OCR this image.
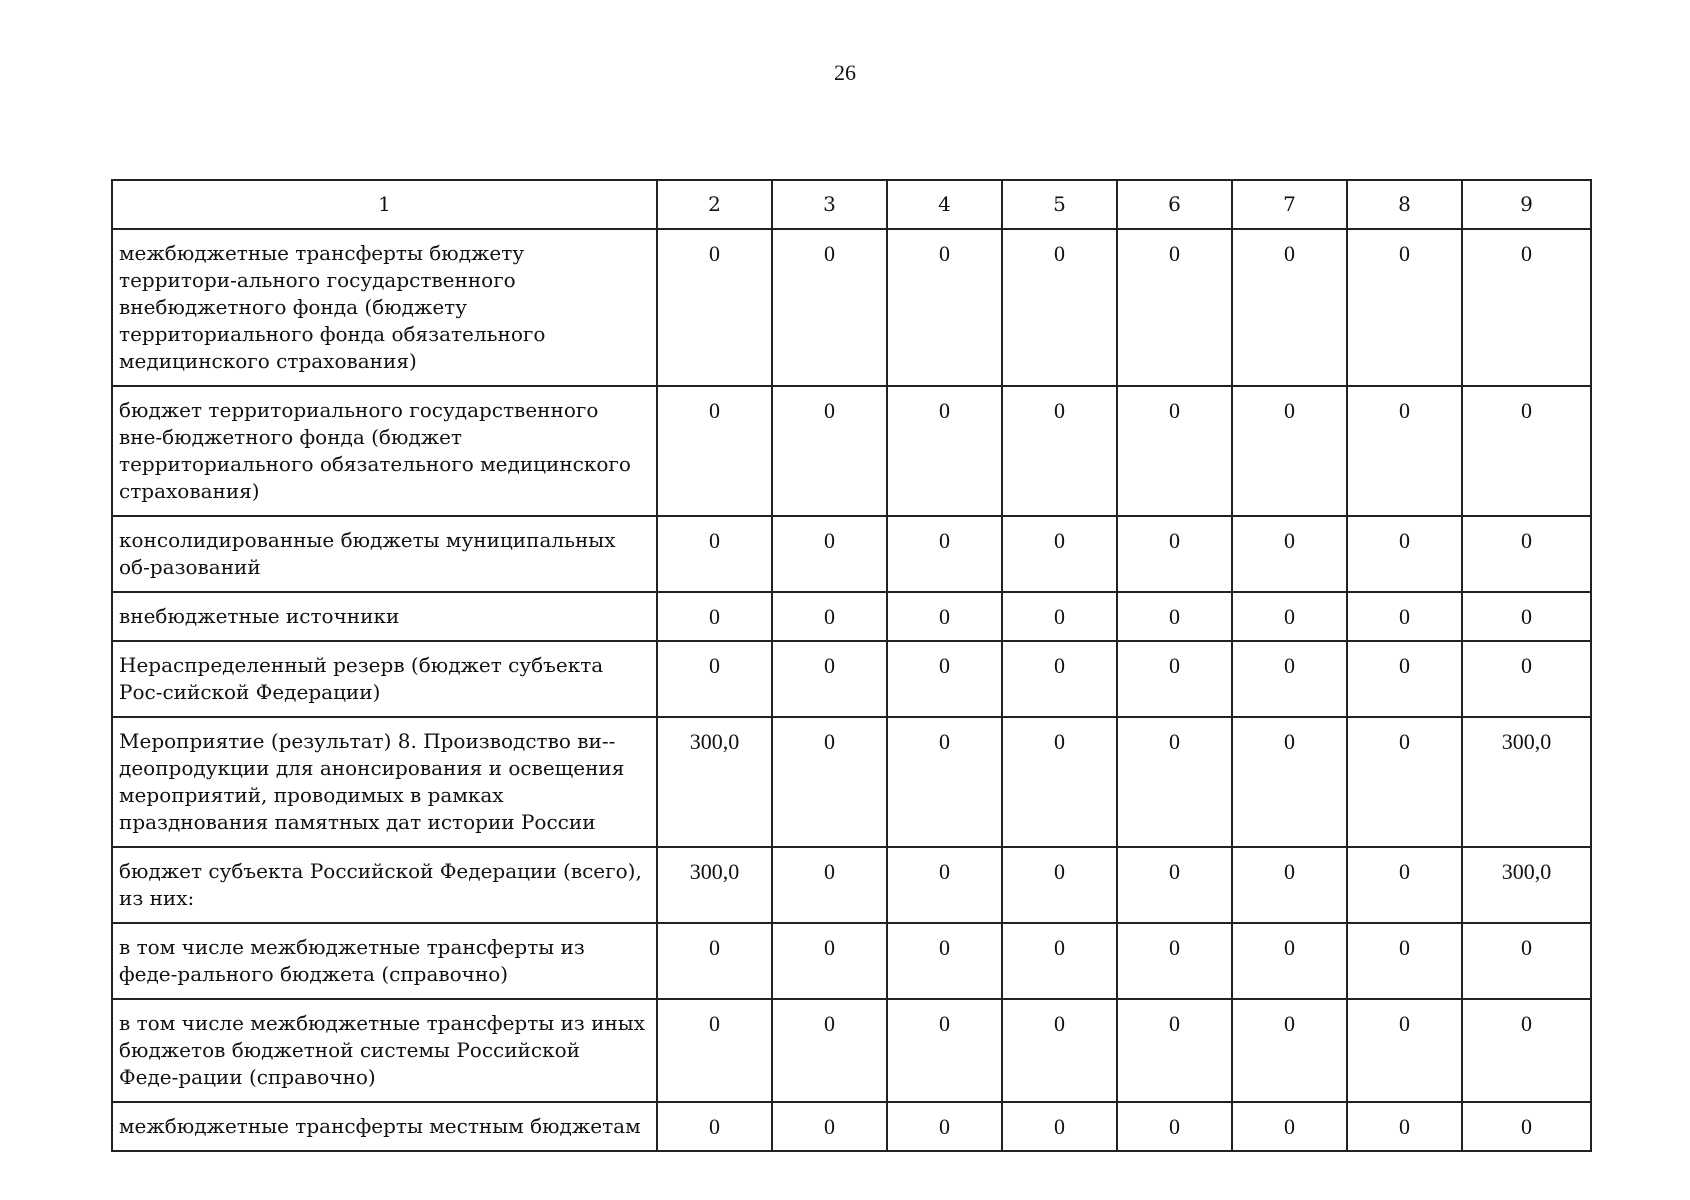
26
1	2	3	4	5	6	7	8	9
межбюджетные трансферты бюджету территори-ального государственного внебюджетного фонда (бюджету территориального фонда обязательного медицинского страхования)	0	0	0	0	0	0	0	0
бюджет территориального государственного вне-бюджетного фонда (бюджет территориального обязательного медицинского страхования)	0	0	0	0	0	0	0	0
консолидированные бюджеты муниципальных об-разований	0	0	0	0	0	0	0	0
внебюджетные источники	0	0	0	0	0	0	0	0
Нераспределенный резерв (бюджет субъекта Рос-сийской Федерации)	0	0	0	0	0	0	0	0
Мероприятие (результат) 8. Производство ви-деопродукции для анонсирования и освещения мероприятий, проводимых в рамках празднования памятных дат истории России	300,0	0	0	0	0	0	0	300,0
бюджет субъекта Российской Федерации (всего), из них:	300,0	0	0	0	0	0	0	300,0
в том числе межбюджетные трансферты из феде-рального бюджета (справочно)	0	0	0	0	0	0	0	0
в том числе межбюджетные трансферты из иных бюджетов бюджетной системы Российской Феде-рации (справочно)	0	0	0	0	0	0	0	0
межбюджетные трансферты местным бюджетам	0	0	0	0	0	0	0	0
